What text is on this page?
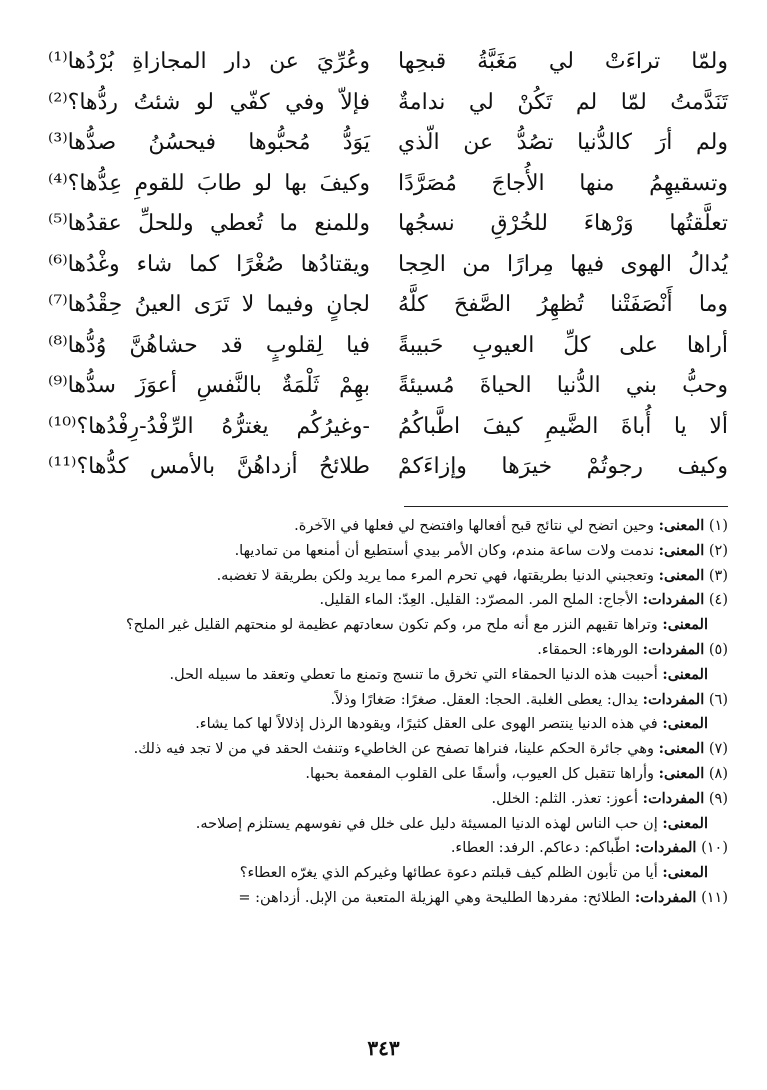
ولمّا تراءَتْ لي مَغَبَّةُ قبحِها
وعُرِّيَ عن دار المجازاةِ بُرْدُها⁽¹⁾
تَنَدَّمتُ لمّا لم تَكُنْ لي ندامةٌ
فإلاّ وفي كفّي لو شئتُ ردُّها؟⁽²⁾
ولم أرَ كالدُّنيا تصُدُّ عن الّذي
يَوَدُّ مُحبُّوها فيحسُنُ صدُّها⁽³⁾
وتسقيهِمُ منها الأُجاجَ مُصَرَّدًا
وكيفَ بها لو طابَ للقومِ عِدُّها؟⁽⁴⁾
تعلَّقتُها وَرْهاءَ للخُرْقِ نسجُها
وللمنع ما تُعطي وللحلِّ عقدُها⁽⁵⁾
يُدالُ الهوى فيها مِرارًا من الحِجا
ويقتادُها صُغْرًا كما شاء وغْدُها⁽⁶⁾
وما أَنْصَفَتْنا تُظهِرُ الصَّفحَ كلَّهُ
لجانٍ وفيما لا تَرَى العينُ حِقْدُها⁽⁷⁾
أراها على كلِّ العيوبِ حَبيبةً
فيا لِقلوبٍ قد حشاهُنَّ وُدُّها⁽⁸⁾
وحبُّ بني الدُّنيا الحياةَ مُسيئةً
بهِمْ ثَلْمَةٌ بالنَّفسِ أعوَزَ سدُّها⁽⁹⁾
ألا يا أُباةَ الضَّيمِ كيفَ اطَّباكُمُ
-وغيرُكُم يغترُّهُ الرِّفْدُ-رِفْدُها؟⁽¹⁰⁾
وكيف رجوتُمْ خيرَها وإزاءَكمْ
طلائحُ أزداهُنَّ بالأمس كدُّها؟⁽¹¹⁾
(١) المعنى: وحين اتضح لي نتائج قبح أفعالها وافتضح لي فعلها في الآخرة.
(٢) المعنى: ندمت ولات ساعة مندم، وكان الأمر بيدي أستطيع أن أمنعها من تماديها.
(٣) المعنى: وتعجبني الدنيا بطريقتها، فهي تحرم المرء مما يريد ولكن بطريقة لا تغضبه.
(٤) المفردات: الأجاج: الملح المر. المصرّد: القليل. العِدّ: الماء القليل.
المعنى: وتراها تقيهم النزر مع أنه ملح مر، وكم تكون سعادتهم عظيمة لو منحتهم القليل غير الملح؟
(٥) المفردات: الورهاء: الحمقاء.
المعنى: أحببت هذه الدنيا الحمقاء التي تخرق ما تنسج وتمنع ما تعطي وتعقد ما سبيله الحل.
(٦) المفردات: يدال: يعطى الغلبة. الحجا: العقل. صغرًا: صَغارًا وذلاً.
المعنى: في هذه الدنيا ينتصر الهوى على العقل كثيرًا، ويقودها الرذل إذلالاً لها كما يشاء.
(٧) المعنى: وهي جائرة الحكم علينا، فنراها تصفح عن الخاطيء وتنفث الحقد في من لا تجد فيه ذلك.
(٨) المعنى: وأراها تتقبل كل العيوب، وأسفًا على القلوب المفعمة بحبها.
(٩) المفردات: أعوز: تعذر. الثلم: الخلل.
المعنى: إن حب الناس لهذه الدنيا المسيئة دليل على خلل في نفوسهم يستلزم إصلاحه.
(١٠) المفردات: اطّباكم: دعاكم. الرفد: العطاء.
المعنى: أيا من تأبون الظلم كيف قبلتم دعوة عطائها وغيركم الذي يغرّه العطاء؟
(١١) المفردات: الطلائح: مفردها الطليحة وهي الهزيلة المتعبة من الإبل. أزداهن: =
٣٤٣
